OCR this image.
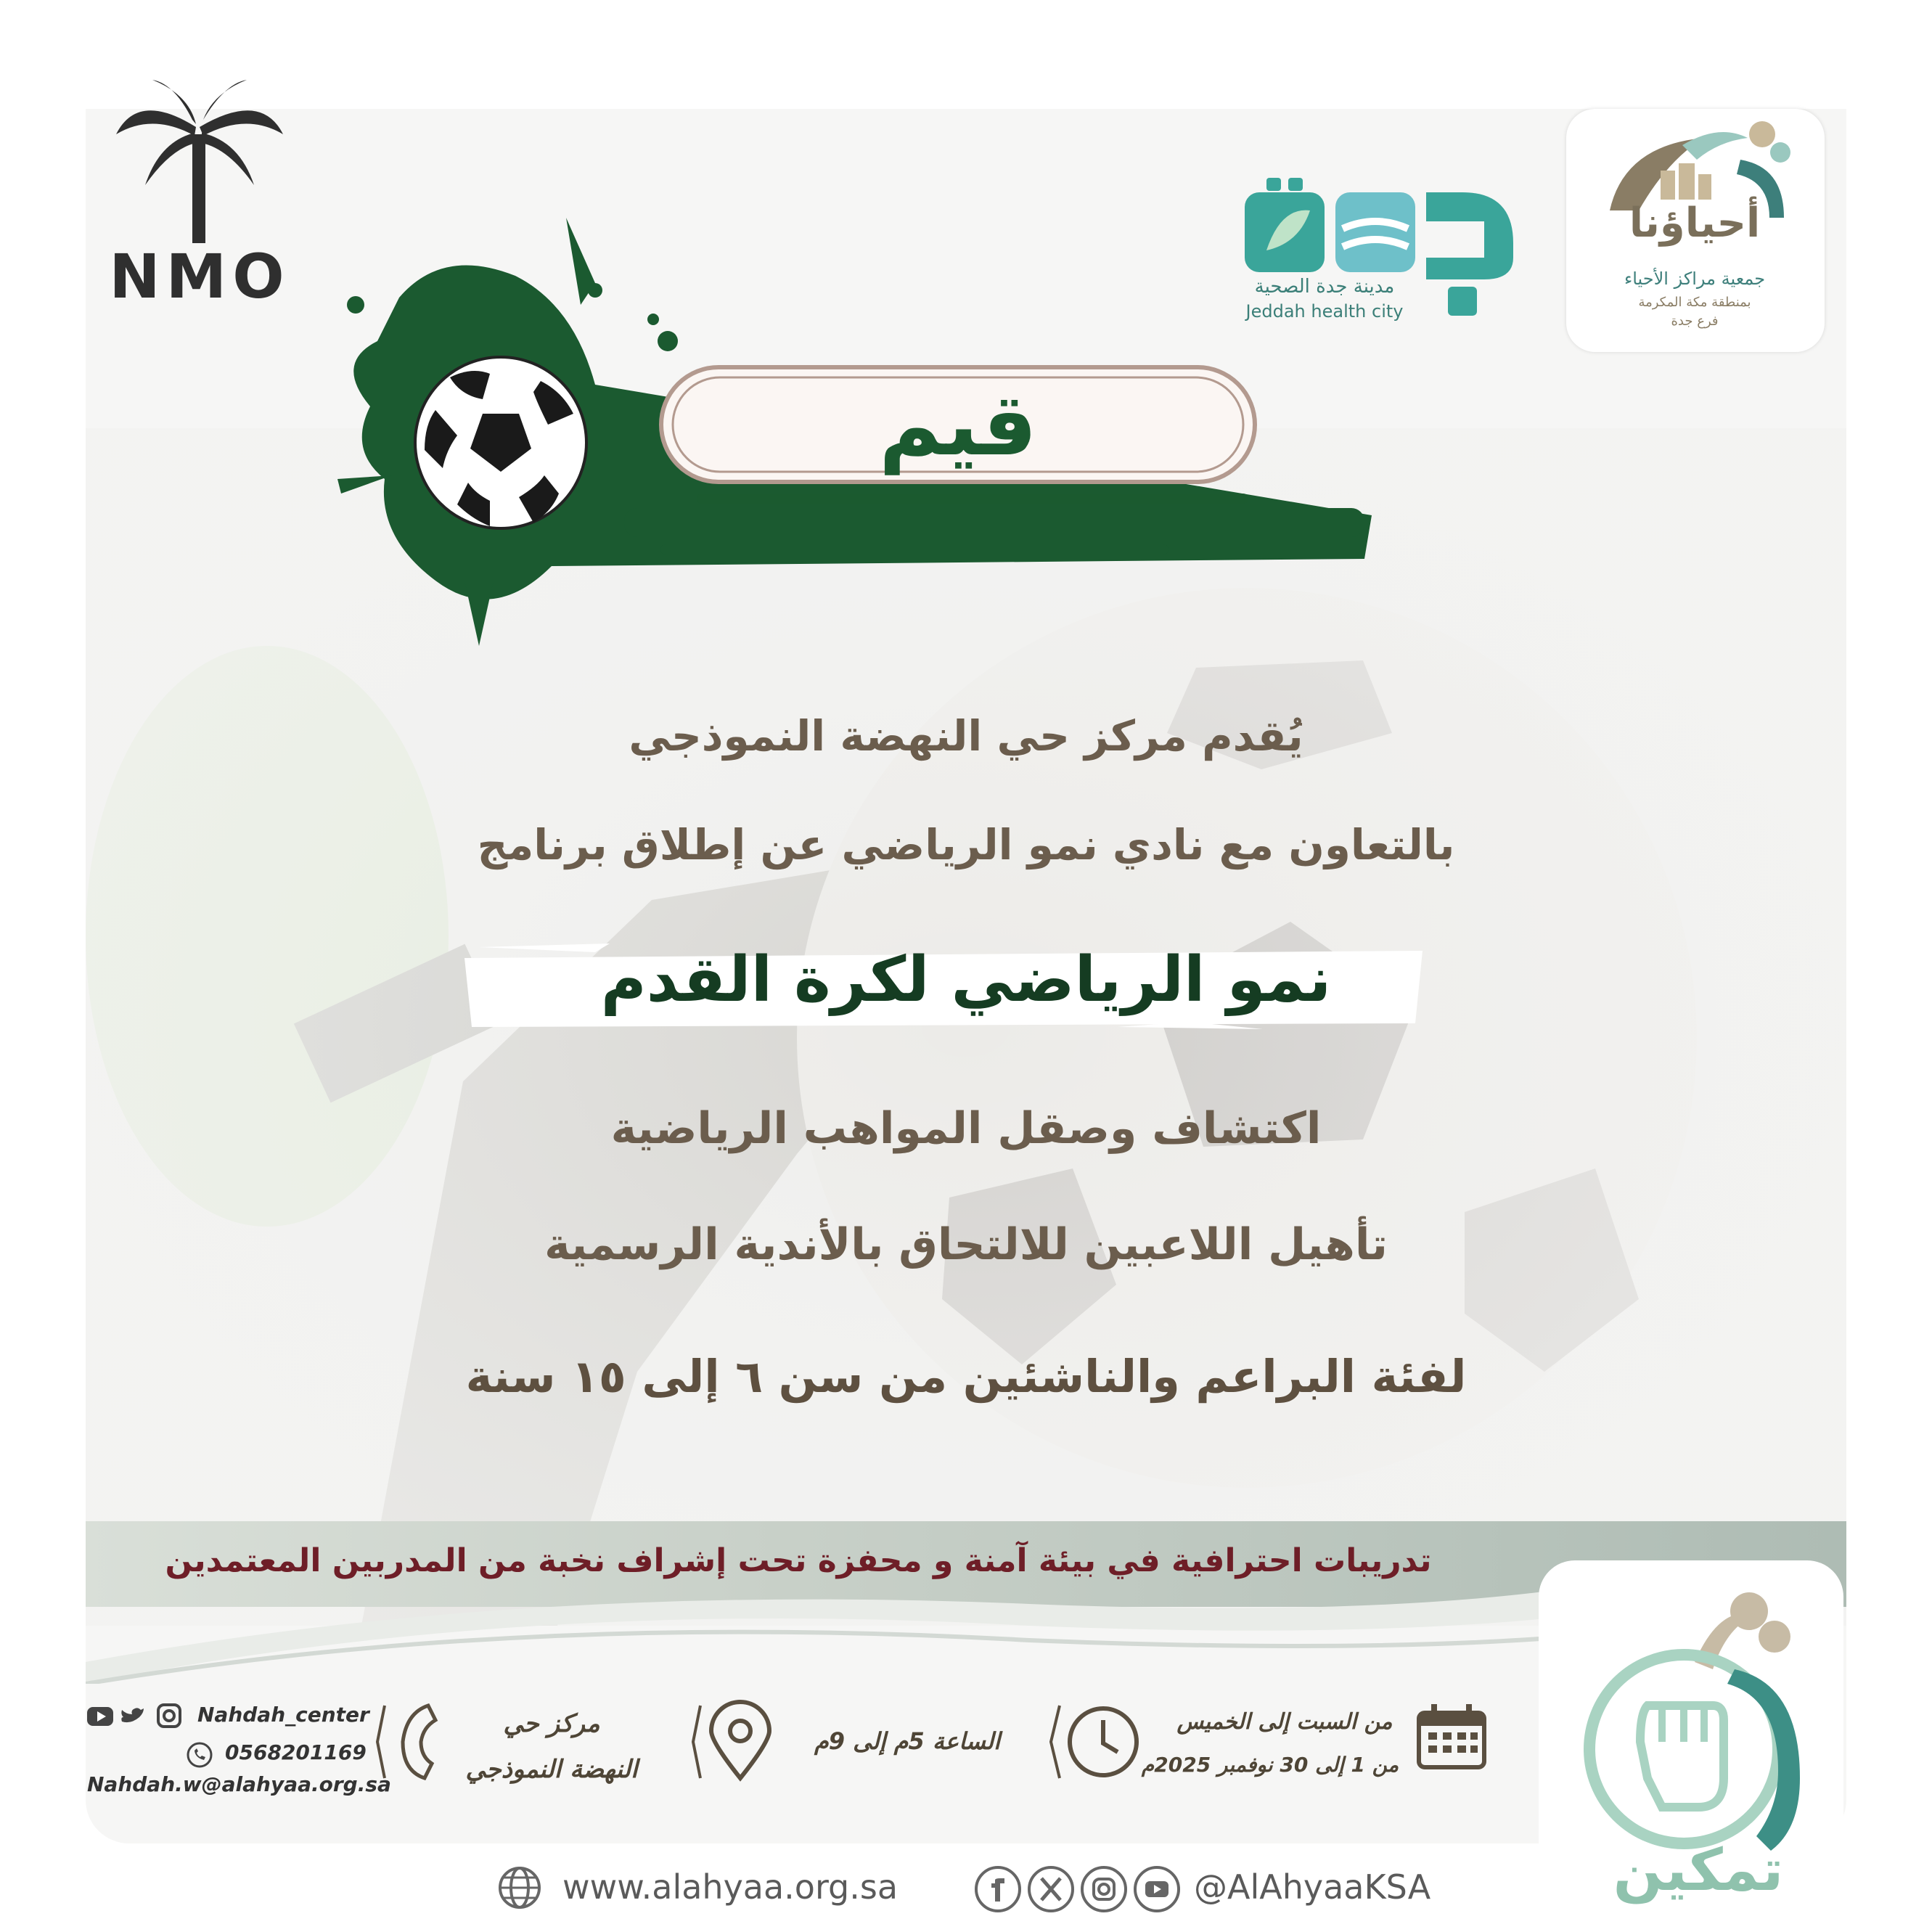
NMO	مدينة جدة الصحية
Jeddah health city
أحياؤنا
جمعية مراكز الأحياء
بمنطقة مكة المكرمة
فرع جدة
قيم
يُقدم مركز حي النهضة النموذجي
بالتعاون مع نادي نمو الرياضي عن إطلاق برنامج
نمو الرياضي لكرة القدم
اكتشاف وصقل المواهب الرياضية
تأهيل اللاعبين للالتحاق بالأندية الرسمية
لفئة البراعم والناشئين من سن ٦ إلى ١٥ سنة
تدريبات احترافية في بيئة آمنة و محفزة تحت إشراف نخبة من المدربين المعتمدين
من السبت إلى الخميس
من 1 إلى 30 نوفمبر 2025م
الساعة 5م إلى 9م
مركز حي
النهضة النموذجي
Nahdah_center
0568201169
Nahdah.w@alahyaa.org.sa
تمكين
www.alahyaa.org.sa	@AlAhyaaKSA
